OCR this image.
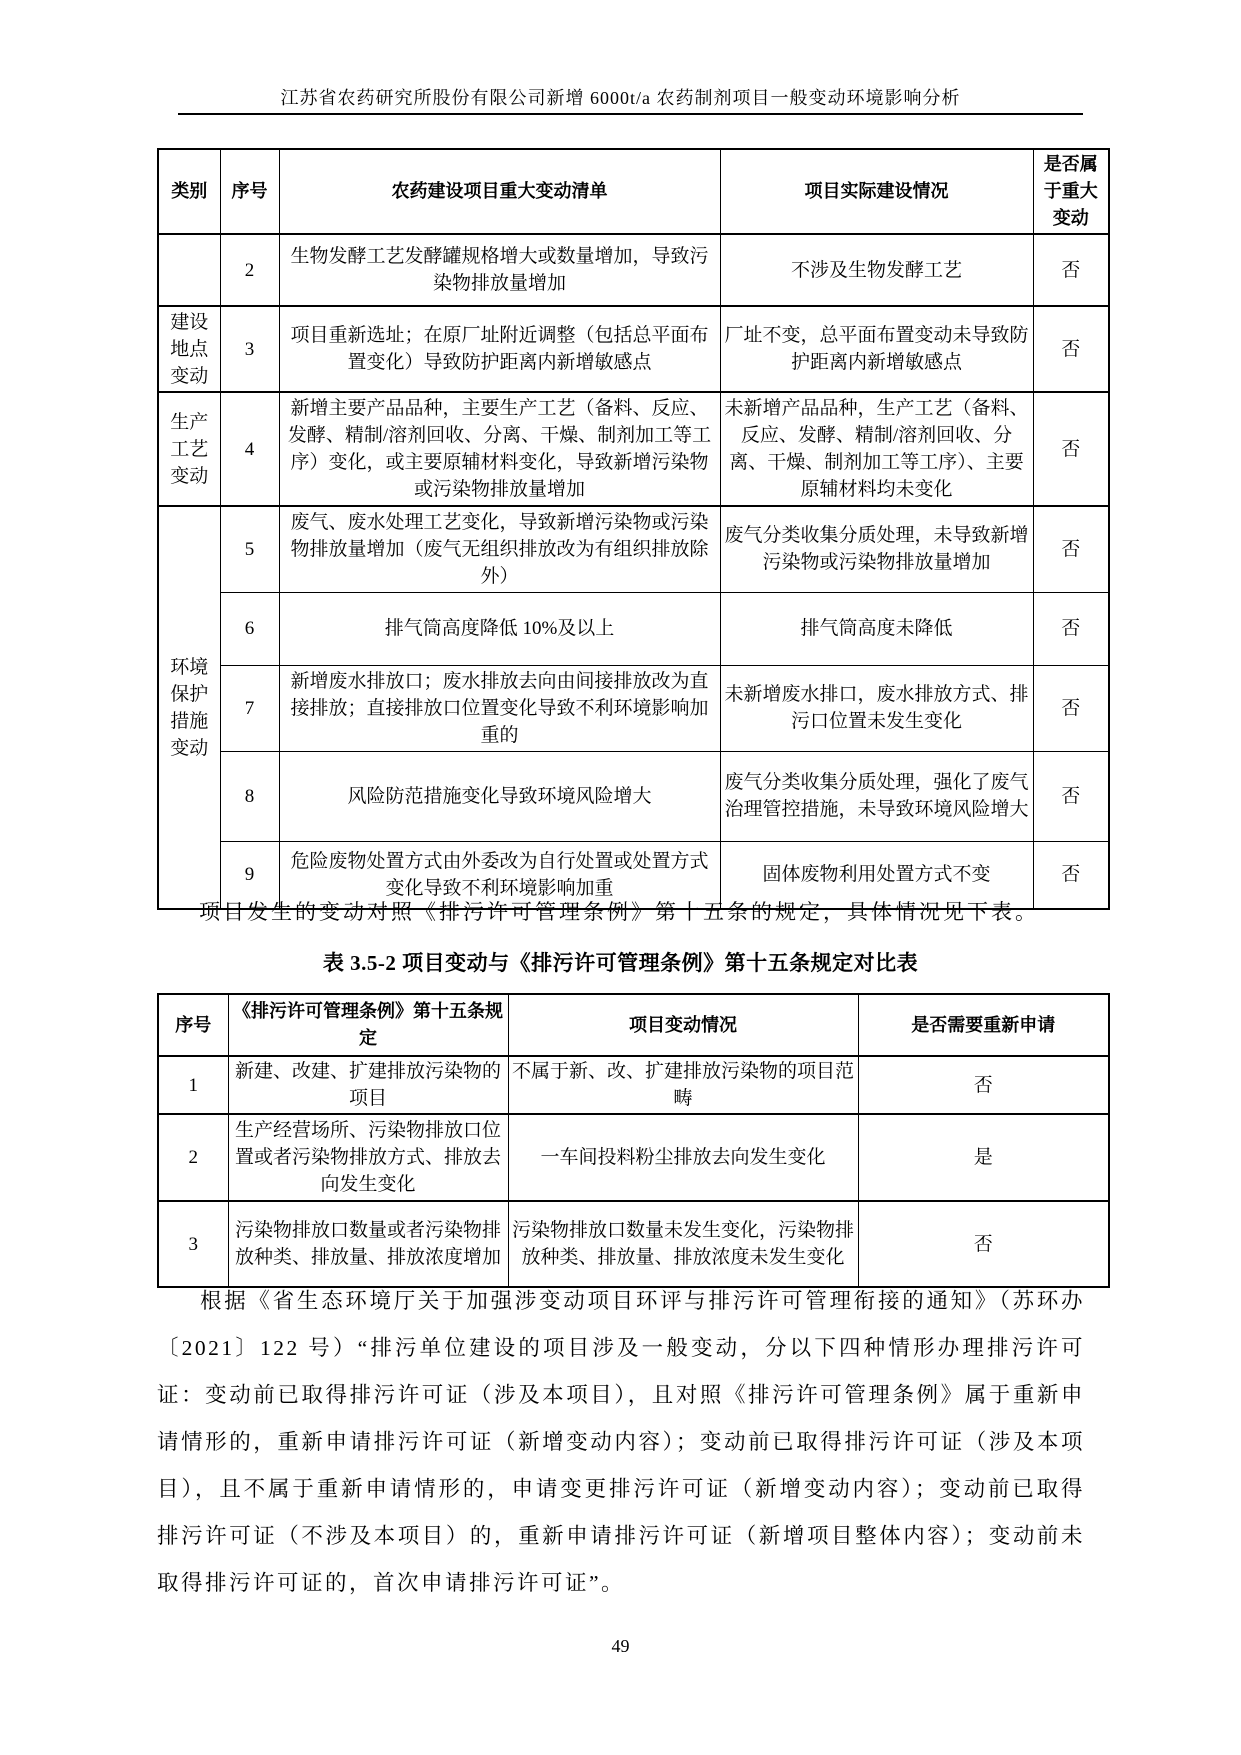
江苏省农药研究所股份有限公司新增 6000t/a 农药制剂项目一般变动环境影响分析
类别	序号	农药建设项目重大变动清单	项目实际建设情况	是否属于重大变动
	2	生物发酵工艺发酵罐规格增大或数量增加，导致污染物排放量增加	不涉及生物发酵工艺	否
建设地点变动	3	项目重新选址；在原厂址附近调整（包括总平面布置变化）导致防护距离内新增敏感点	厂址不变，总平面布置变动未导致防护距离内新增敏感点	否
生产工艺变动	4	新增主要产品品种，主要生产工艺（备料、反应、发酵、精制/溶剂回收、分离、干燥、制剂加工等工序）变化，或主要原辅材料变化，导致新增污染物或污染物排放量增加	未新增产品品种，生产工艺（备料、反应、发酵、精制/溶剂回收、分离、干燥、制剂加工等工序）、主要原辅材料均未变化	否
环境保护措施变动	5	废气、废水处理工艺变化，导致新增污染物或污染物排放量增加（废气无组织排放改为有组织排放除外）	废气分类收集分质处理，未导致新增污染物或污染物排放量增加	否
	6	排气筒高度降低 10%及以上	排气筒高度未降低	否
	7	新增废水排放口；废水排放去向由间接排放改为直接排放；直接排放口位置变化导致不利环境影响加重的	未新增废水排口，废水排放方式、排污口位置未发生变化	否
	8	风险防范措施变化导致环境风险增大	废气分类收集分质处理，强化了废气治理管控措施，未导致环境风险增大	否
	9	危险废物处置方式由外委改为自行处置或处置方式变化导致不利环境影响加重	固体废物利用处置方式不变	否
项目发生的变动对照《排污许可管理条例》第十五条的规定，具体情况见下表。
表 3.5-2 项目变动与《排污许可管理条例》第十五条规定对比表
序号	《排污许可管理条例》第十五条规定	项目变动情况	是否需要重新申请
1	新建、改建、扩建排放污染物的项目	不属于新、改、扩建排放污染物的项目范畴	否
2	生产经营场所、污染物排放口位置或者污染物排放方式、排放去向发生变化	一车间投料粉尘排放去向发生变化	是
3	污染物排放口数量或者污染物排放种类、排放量、排放浓度增加	污染物排放口数量未发生变化，污染物排放种类、排放量、排放浓度未发生变化	否
根据《省生态环境厅关于加强涉变动项目环评与排污许可管理衔接的通知》（苏环办〔2021〕122 号）“排污单位建设的项目涉及一般变动，分以下四种情形办理排污许可证：变动前已取得排污许可证（涉及本项目），且对照《排污许可管理条例》属于重新申请情形的，重新申请排污许可证（新增变动内容）；变动前已取得排污许可证（涉及本项目），且不属于重新申请情形的，申请变更排污许可证（新增变动内容）；变动前已取得排污许可证（不涉及本项目）的，重新申请排污许可证（新增项目整体内容）；变动前未取得排污许可证的，首次申请排污许可证”。
49
